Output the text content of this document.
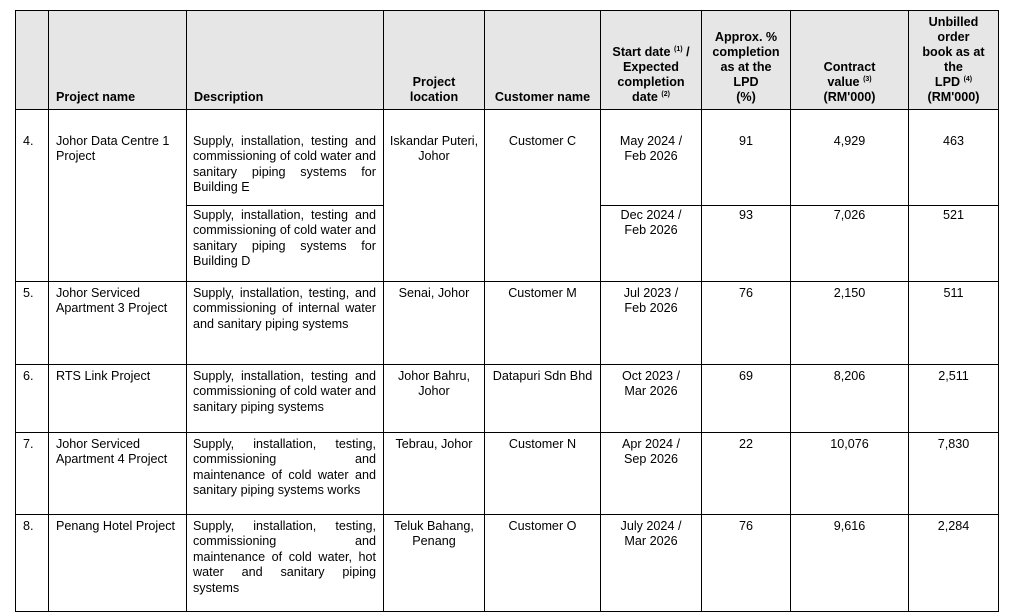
	Project name	Description	Project
location	Customer name	Start date $^{(1)}$ /
Expected
completion
date $^{(2)}$	Approx. %
completion
as at the
LPD
(%)	Contract
value $^{(3)}$
(RM'000)	Unbilled order
book as at the
LPD $^{(4)}$
(RM'000)

4.	Johor Data Centre 1 Project	Supply, installation, testing and commissioning of cold water and sanitary piping systems for Building E	Iskandar Puteri, Johor	Customer C	May 2024 /
Feb 2026	91	4,929	463
		Supply, installation, testing and commissioning of cold water and sanitary piping systems for Building D			Dec 2024 /
Feb 2026	93	7,026	521
5.	Johor Serviced Apartment 3 Project	Supply, installation, testing, and commissioning of internal water and sanitary piping systems	Senai, Johor	Customer M	Jul 2023 /
Feb 2026	76	2,150	511
6.	RTS Link Project	Supply, installation, testing and commissioning of cold water and sanitary piping systems	Johor Bahru, Johor	Datapuri Sdn Bhd	Oct 2023 /
Mar 2026	69	8,206	2,511
7.	Johor Serviced Apartment 4 Project	Supply, installation, testing, commissioning and maintenance of cold water and sanitary piping systems works	Tebrau, Johor	Customer N	Apr 2024 /
Sep 2026	22	10,076	7,830
8.	Penang Hotel Project	Supply, installation, testing, commissioning and maintenance of cold water, hot water and sanitary piping systems	Teluk Bahang, Penang	Customer O	July 2024 /
Mar 2026	76	9,616	2,284
